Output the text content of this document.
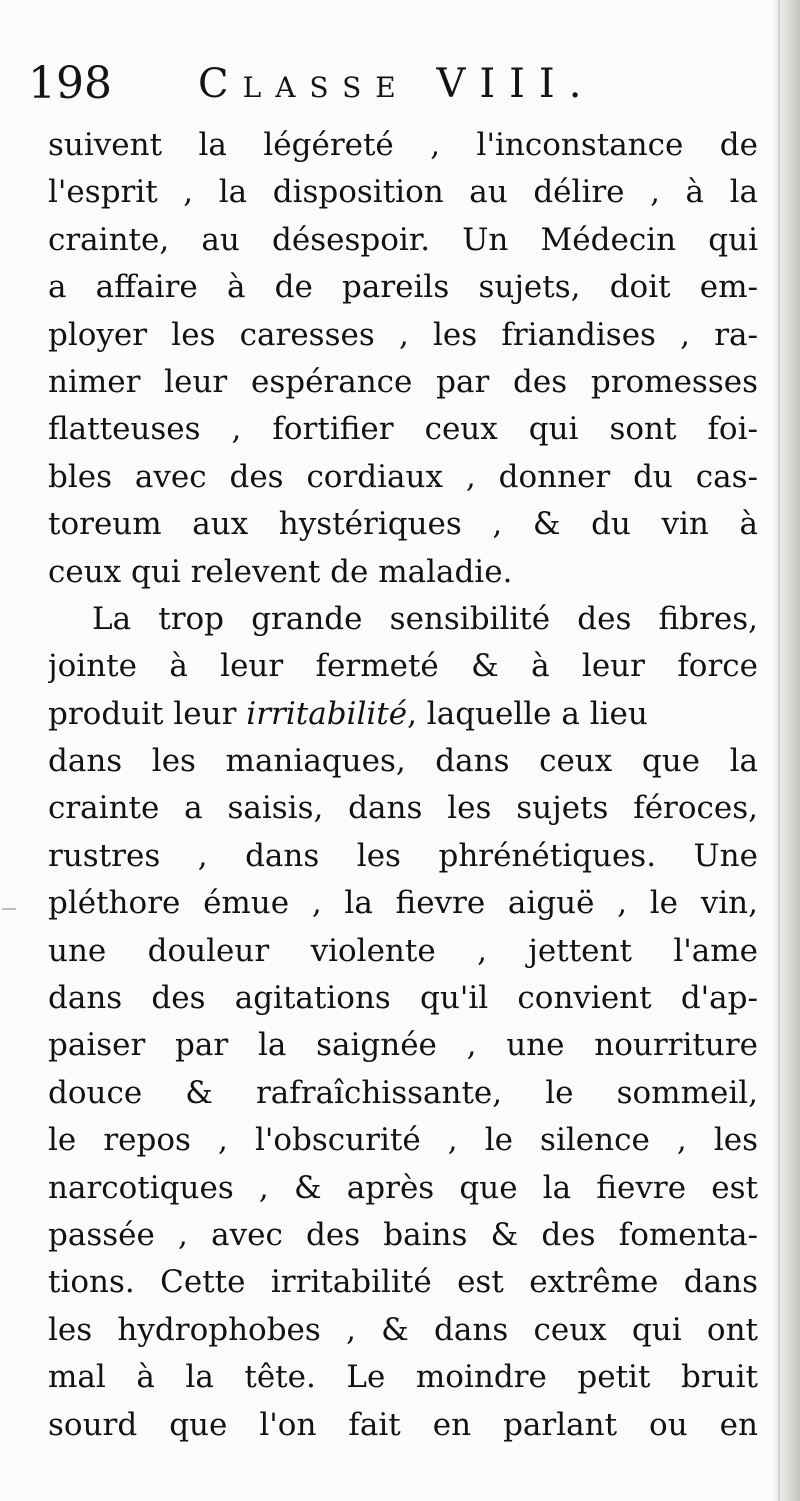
198 Classe VIII.
suivent la légéreté , l'inconstance de
l'esprit , la disposition au délire , à la
crainte, au désespoir. Un Médecin qui
a affaire à de pareils sujets, doit em-
ployer les caresses , les friandises , ra-
nimer leur espérance par des promesses
flatteuses , fortifier ceux qui sont foi-
bles avec des cordiaux , donner du cas-
toreum aux hystériques , & du vin à
ceux qui relevent de maladie.
La trop grande sensibilité des fibres,
jointe à leur fermeté & à leur force
produit leur irritabilité, laquelle a lieu
dans les maniaques, dans ceux que la
crainte a saisis, dans les sujets féroces,
rustres , dans les phrénétiques. Une
pléthore émue , la fievre aiguë , le vin,
une douleur violente , jettent l'ame
dans des agitations qu'il convient d'ap-
paiser par la saignée , une nourriture
douce & rafraîchissante, le sommeil,
le repos , l'obscurité , le silence , les
narcotiques , & après que la fievre est
passée , avec des bains & des fomenta-
tions. Cette irritabilité est extrême dans
les hydrophobes , & dans ceux qui ont
mal à la tête. Le moindre petit bruit
sourd que l'on fait en parlant ou en
